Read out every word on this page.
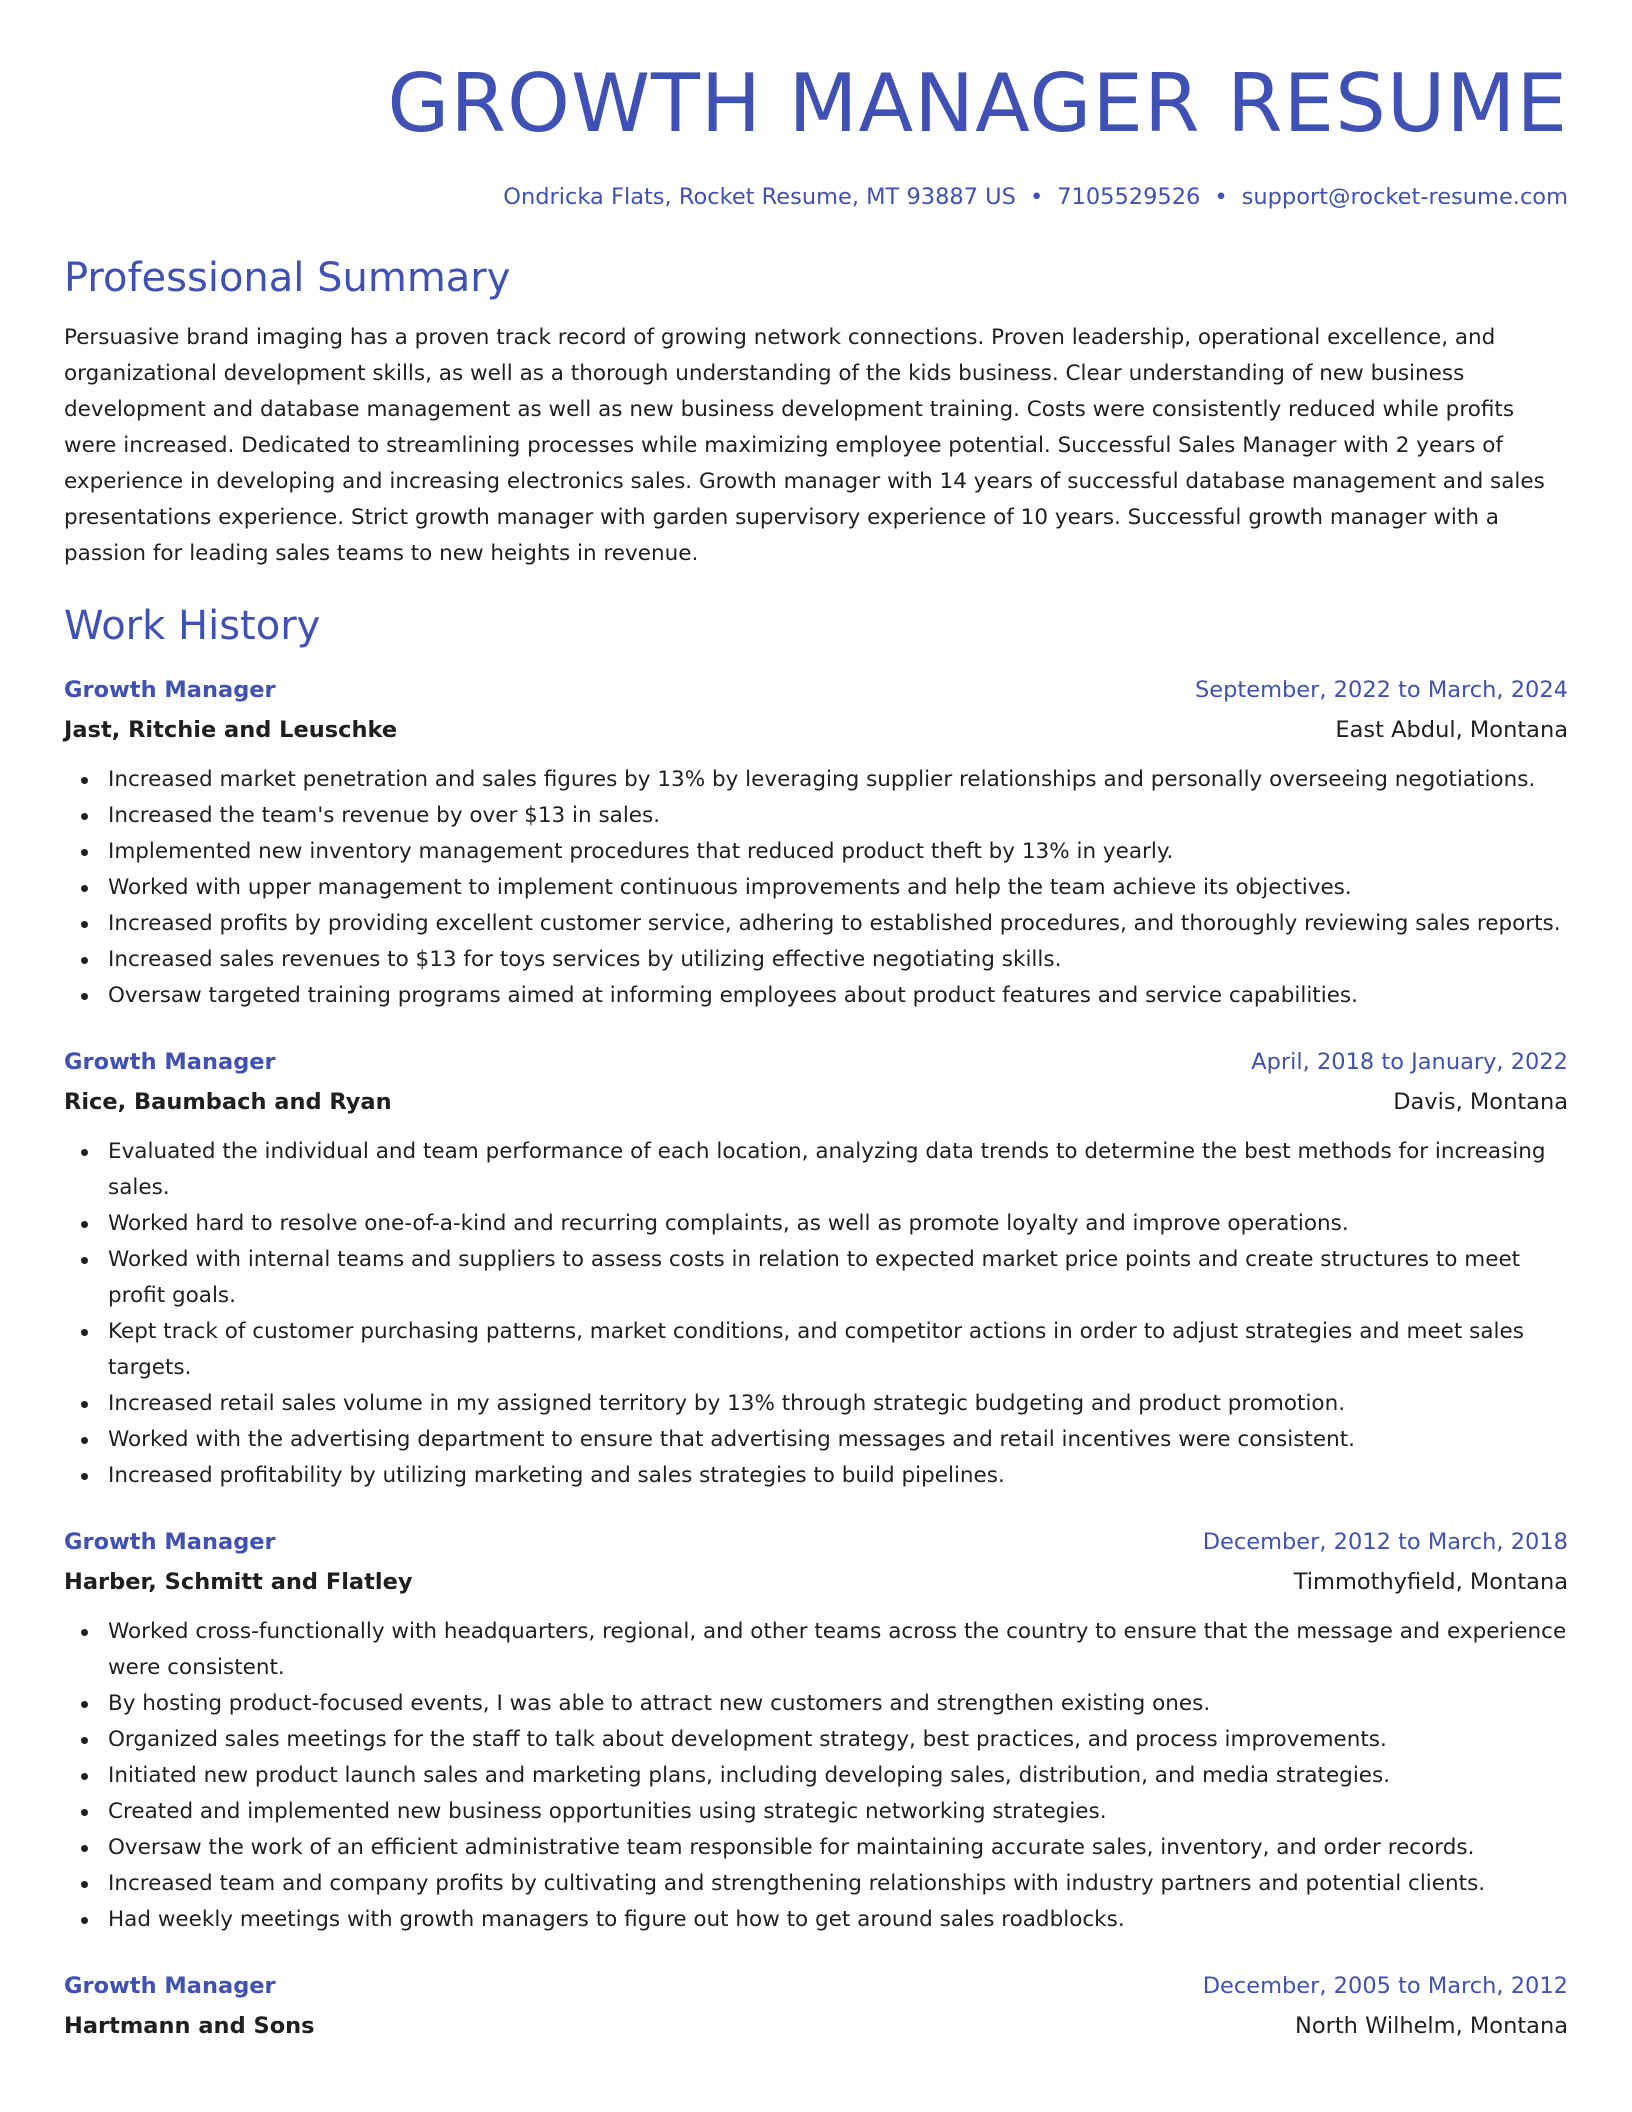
GROWTH MANAGER RESUME
Ondricka Flats, Rocket Resume, MT 93887 US • 7105529526 • support@rocket-resume.com
Professional Summary
Persuasive brand imaging has a proven track record of growing network connections. Proven leadership, operational excellence, and organizational development skills, as well as a thorough understanding of the kids business. Clear understanding of new business development and database management as well as new business development training. Costs were consistently reduced while profits were increased. Dedicated to streamlining processes while maximizing employee potential. Successful Sales Manager with 2 years of experience in developing and increasing electronics sales. Growth manager with 14 years of successful database management and sales presentations experience. Strict growth manager with garden supervisory experience of 10 years. Successful growth manager with a passion for leading sales teams to new heights in revenue.
Work History
Growth Manager	September, 2022 to March, 2024
Jast, Ritchie and Leuschke	East Abdul, Montana
Increased market penetration and sales figures by 13% by leveraging supplier relationships and personally overseeing negotiations.
Increased the team's revenue by over $13 in sales.
Implemented new inventory management procedures that reduced product theft by 13% in yearly.
Worked with upper management to implement continuous improvements and help the team achieve its objectives.
Increased profits by providing excellent customer service, adhering to established procedures, and thoroughly reviewing sales reports.
Increased sales revenues to $13 for toys services by utilizing effective negotiating skills.
Oversaw targeted training programs aimed at informing employees about product features and service capabilities.
Growth Manager	April, 2018 to January, 2022
Rice, Baumbach and Ryan	Davis, Montana
Evaluated the individual and team performance of each location, analyzing data trends to determine the best methods for increasing sales.
Worked hard to resolve one-of-a-kind and recurring complaints, as well as promote loyalty and improve operations.
Worked with internal teams and suppliers to assess costs in relation to expected market price points and create structures to meet profit goals.
Kept track of customer purchasing patterns, market conditions, and competitor actions in order to adjust strategies and meet sales targets.
Increased retail sales volume in my assigned territory by 13% through strategic budgeting and product promotion.
Worked with the advertising department to ensure that advertising messages and retail incentives were consistent.
Increased profitability by utilizing marketing and sales strategies to build pipelines.
Growth Manager	December, 2012 to March, 2018
Harber, Schmitt and Flatley	Timmothyfield, Montana
Worked cross-functionally with headquarters, regional, and other teams across the country to ensure that the message and experience were consistent.
By hosting product-focused events, I was able to attract new customers and strengthen existing ones.
Organized sales meetings for the staff to talk about development strategy, best practices, and process improvements.
Initiated new product launch sales and marketing plans, including developing sales, distribution, and media strategies.
Created and implemented new business opportunities using strategic networking strategies.
Oversaw the work of an efficient administrative team responsible for maintaining accurate sales, inventory, and order records.
Increased team and company profits by cultivating and strengthening relationships with industry partners and potential clients.
Had weekly meetings with growth managers to figure out how to get around sales roadblocks.
Growth Manager	December, 2005 to March, 2012
Hartmann and Sons	North Wilhelm, Montana
